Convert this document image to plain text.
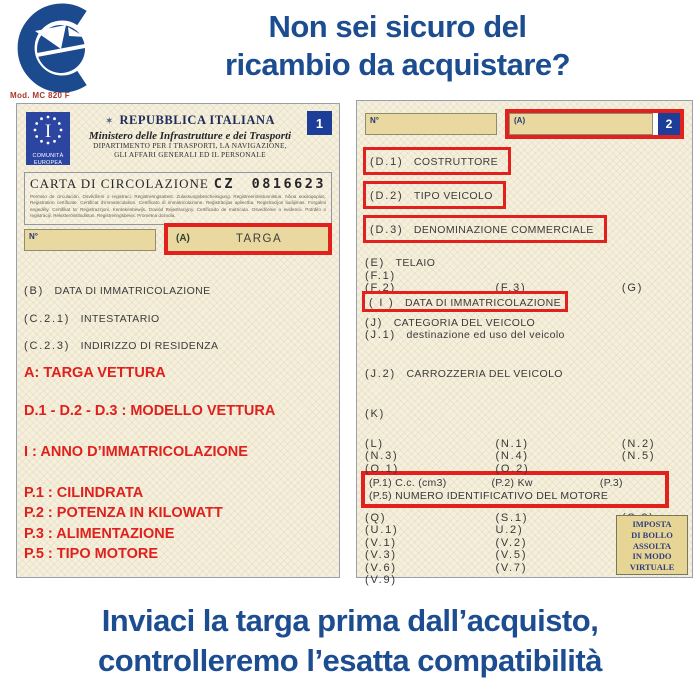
Non sei sicuro del
ricambio da acquistare?
Mod. MC 820 F
I
COMUNITÀ
EUROPEA
✶ REPUBBLICA ITALIANA
Ministero delle Infrastrutture e dei Trasporti
DIPARTIMENTO PER I TRASPORTI, LA NAVIGAZIONE,
GLI AFFARI GENERALI ED IL PERSONALE
1
CARTA DI CIRCOLAZIONE CZ 0816623
Permiso de circulación. Osvědčení o registraci. Registreringsattest. Zulassungsbescheinigung. Registreerimistunnistus. Άδεια κυκλοφορίας. Registration certificate. Certificat d'immatriculation. Certificato di immatricolazione. Reģistrācijas apliecība. Registracijos liudijimas. Forgalmi engedély. Certifikat ta' Reġistrazzjoni. Kentekenbewijs. Dowód Rejestracyjny. Certificado de matrícula. Osvedčenie o evidencii. Potrdilo o registraciji. Rekisteröintitodistus. Registreringsbevis. Prometna dozvola.
N°	(A)	TARGA
(B) DATA DI IMMATRICOLAZIONE
(C.2.1) INTESTATARIO
(C.2.3) INDIRIZZO DI RESIDENZA
A: TARGA VETTURA
D.1 - D.2 - D.3 : MODELLO VETTURA
I : ANNO D’IMMATRICOLAZIONE
P.1 : CILINDRATA
P.2 : POTENZA IN KILOWATT
P.3 : ALIMENTAZIONE
P.5 : TIPO MOTORE
N°	(A)	2
(D.1) COSTRUTTORE
(D.2) TIPO VEICOLO
(D.3) DENOMINAZIONE COMMERCIALE
(E) TELAIO
(F.1)
(F.2)	(F.3)	(G)
( I ) DATA DI IMMATRICOLAZIONE
(J) CATEGORIA DEL VEICOLO
(J.1) destinazione ed uso del veicolo
(J.2) CARROZZERIA DEL VEICOLO
(K)
(L)	(N.1)	(N.2)
(N.3)	(N.4)	(N.5)
(O.1)	(O.2)
(P.1) C.c. (cm3)	(P.2) Kw	(P.3)
(P.5) NUMERO IDENTIFICATIVO DEL MOTORE
(Q)	(S.1)
(U.1)	U.2)
(V.1)	(V.2)
(V.3)	(V.5)
(V.6)	(V.7)
(V.9)
IMPOSTA
DI BOLLO
ASSOLTA
IN MODO
VIRTUALE
Inviaci la targa prima dall’acquisto,
controlleremo l’esatta compatibilità
